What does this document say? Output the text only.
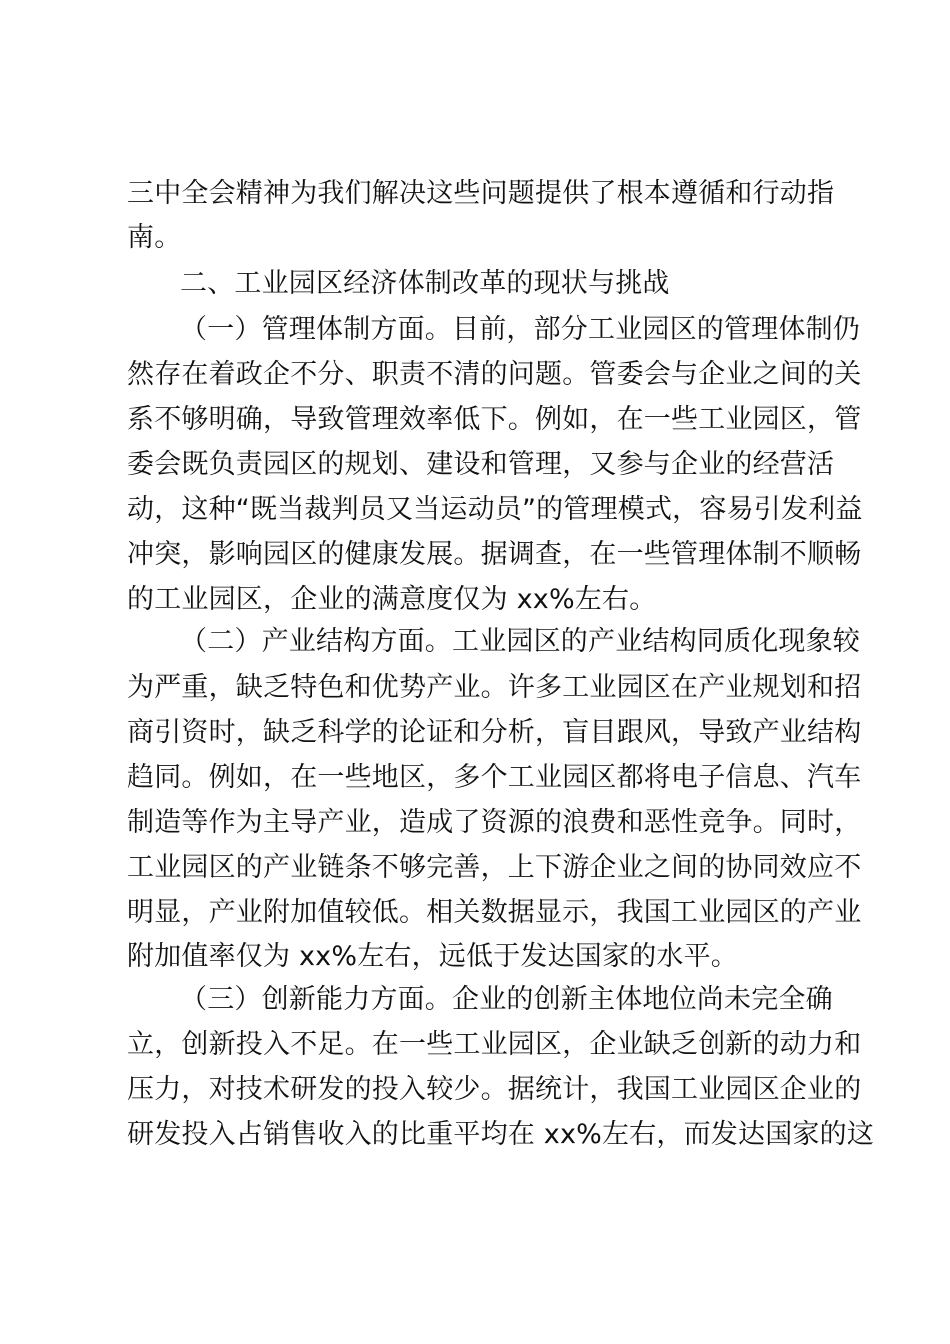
三中全会精神为我们解决这些问题提供了根本遵循和行动指
南。
二、工业园区经济体制改革的现状与挑战
（一）管理体制方面。目前，部分工业园区的管理体制仍
然存在着政企不分、职责不清的问题。管委会与企业之间的关
系不够明确，导致管理效率低下。例如，在一些工业园区，管
委会既负责园区的规划、建设和管理，又参与企业的经营活
动，这种“既当裁判员又当运动员”的管理模式，容易引发利益
冲突，影响园区的健康发展。据调查，在一些管理体制不顺畅
的工业园区，企业的满意度仅为 xx%左右。
（二）产业结构方面。工业园区的产业结构同质化现象较
为严重，缺乏特色和优势产业。许多工业园区在产业规划和招
商引资时，缺乏科学的论证和分析，盲目跟风，导致产业结构
趋同。例如，在一些地区，多个工业园区都将电子信息、汽车
制造等作为主导产业，造成了资源的浪费和恶性竞争。同时，
工业园区的产业链条不够完善，上下游企业之间的协同效应不
明显，产业附加值较低。相关数据显示，我国工业园区的产业
附加值率仅为 xx%左右，远低于发达国家的水平。
（三）创新能力方面。企业的创新主体地位尚未完全确
立，创新投入不足。在一些工业园区，企业缺乏创新的动力和
压力，对技术研发的投入较少。据统计，我国工业园区企业的
研发投入占销售收入的比重平均在 xx%左右，而发达国家的这
